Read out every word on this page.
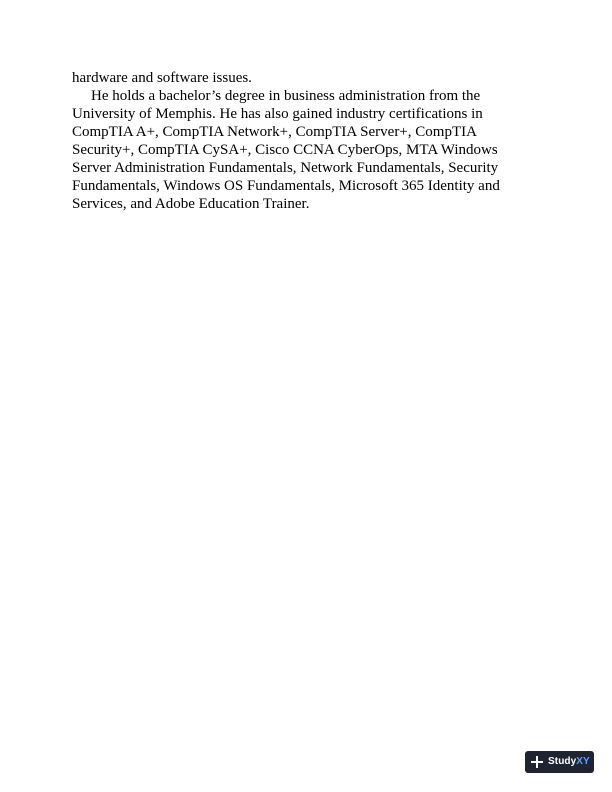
hardware and software issues.
He holds a bachelor’s degree in business administration from the
University of Memphis. He has also gained industry certifications in
CompTIA A+, CompTIA Network+, CompTIA Server+, CompTIA
Security+, CompTIA CySA+, Cisco CCNA CyberOps, MTA Windows
Server Administration Fundamentals, Network Fundamentals, Security
Fundamentals, Windows OS Fundamentals, Microsoft 365 Identity and
Services, and Adobe Education Trainer.
StudyXY
